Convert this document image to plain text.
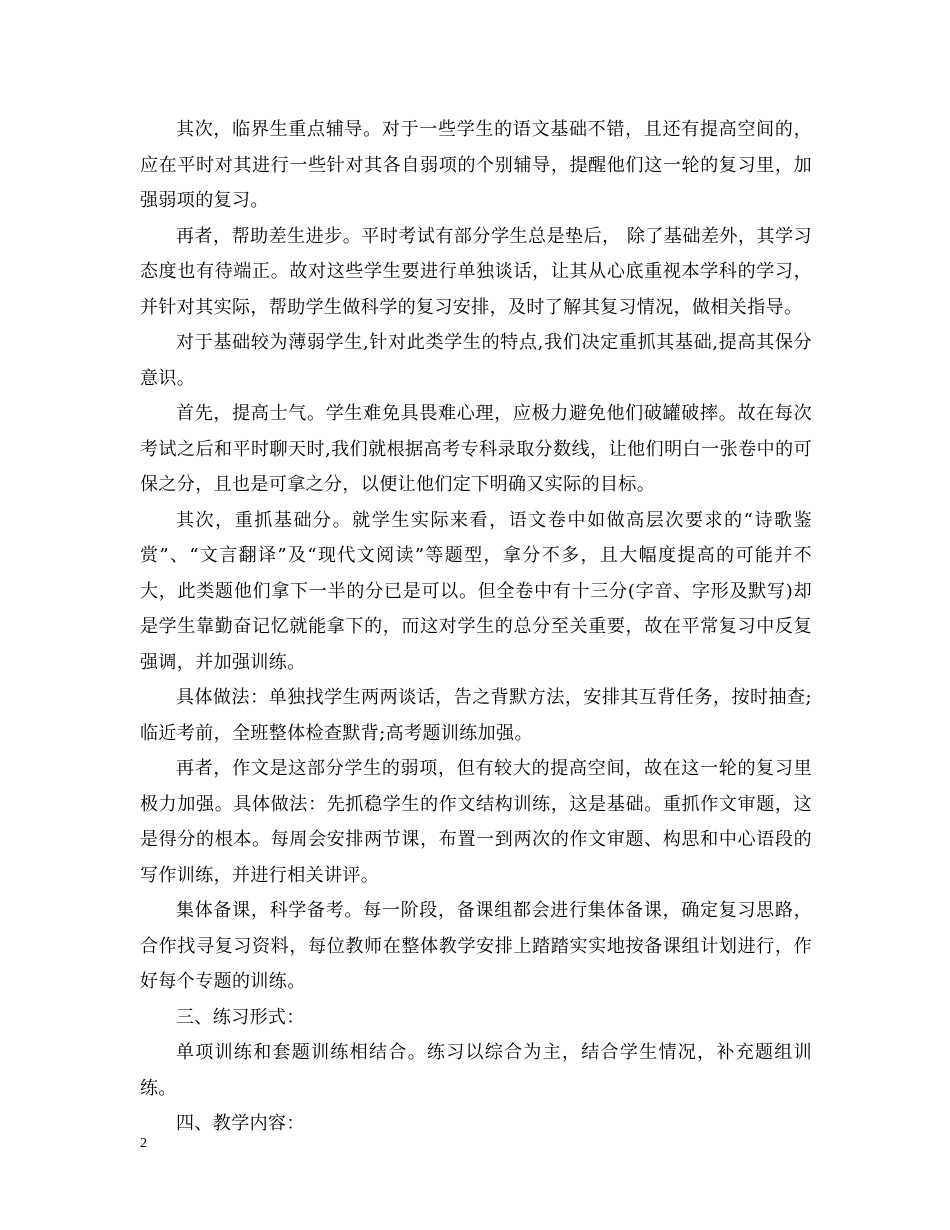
其次，临界生重点辅导。对于一些学生的语文基础不错，且还有提高空间的，应在平时对其进行一些针对其各自弱项的个别辅导，提醒他们这一轮的复习里，加强弱项的复习。

再者，帮助差生进步。平时考试有部分学生总是垫后， 除了基础差外，其学习态度也有待端正。故对这些学生要进行单独谈话，让其从心底重视本学科的学习，并针对其实际，帮助学生做科学的复习安排，及时了解其复习情况，做相关指导。

对于基础较为薄弱学生,针对此类学生的特点,我们决定重抓其基础,提高其保分意识。

首先，提高士气。学生难免具畏难心理，应极力避免他们破罐破摔。故在每次考试之后和平时聊天时,我们就根据高考专科录取分数线，让他们明白一张卷中的可保之分，且也是可拿之分，以便让他们定下明确又实际的目标。

其次，重抓基础分。就学生实际来看，语文卷中如做高层次要求的“诗歌鉴赏”、“文言翻译”及“现代文阅读”等题型，拿分不多，且大幅度提高的可能并不大，此类题他们拿下一半的分已是可以。但全卷中有十三分(字音、字形及默写)却是学生靠勤奋记忆就能拿下的，而这对学生的总分至关重要，故在平常复习中反复强调，并加强训练。

具体做法：单独找学生两两谈话，告之背默方法，安排其互背任务，按时抽查;临近考前，全班整体检查默背;高考题训练加强。

再者，作文是这部分学生的弱项，但有较大的提高空间，故在这一轮的复习里极力加强。具体做法：先抓稳学生的作文结构训练，这是基础。重抓作文审题，这是得分的根本。每周会安排两节课，布置一到两次的作文审题、构思和中心语段的写作训练，并进行相关讲评。

集体备课，科学备考。每一阶段，备课组都会进行集体备课，确定复习思路，合作找寻复习资料，每位教师在整体教学安排上踏踏实实地按备课组计划进行，作好每个专题的训练。

三、练习形式：

单项训练和套题训练相结合。练习以综合为主，结合学生情况，补充题组训练。

四、教学内容：

2
